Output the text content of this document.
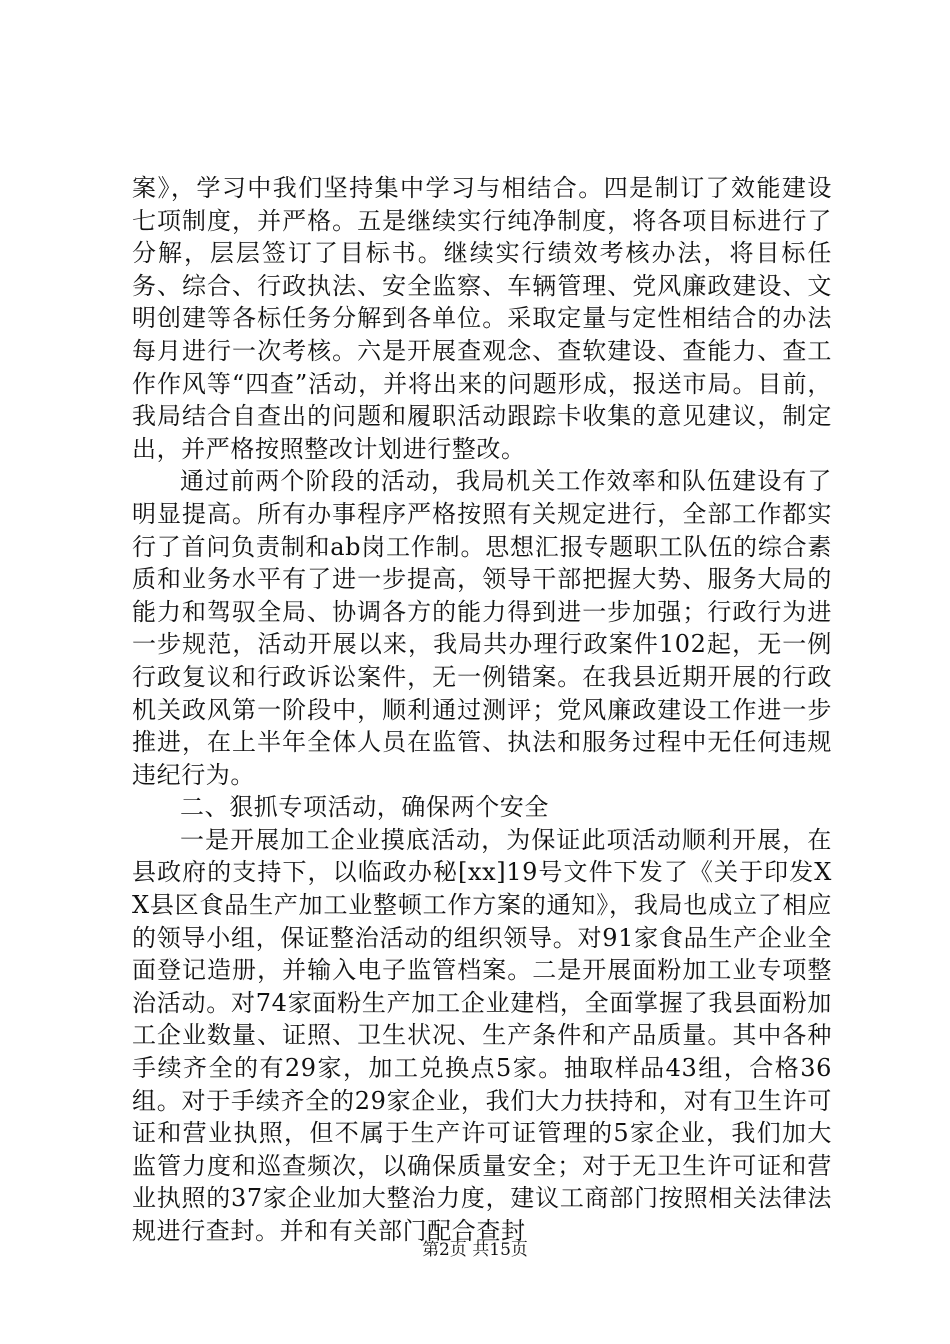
案》，学习中我们坚持集中学习与相结合。四是制订了效能建设七项制度，并严格。五是继续实行纯净制度，将各项目标进行了分解，层层签订了目标书。继续实行绩效考核办法，将目标任务、综合、行政执法、安全监察、车辆管理、党风廉政建设、文明创建等各标任务分解到各单位。采取定量与定性相结合的办法每月进行一次考核。六是开展查观念、查软建设、查能力、查工作作风等“四查”活动，并将出来的问题形成，报送市局。目前，我局结合自查出的问题和履职活动跟踪卡收集的意见建议，制定出，并严格按照整改计划进行整改。

通过前两个阶段的活动，我局机关工作效率和队伍建设有了明显提高。所有办事程序严格按照有关规定进行，全部工作都实行了首问负责制和ab岗工作制。思想汇报专题职工队伍的综合素质和业务水平有了进一步提高，领导干部把握大势、服务大局的能力和驾驭全局、协调各方的能力得到进一步加强；行政行为进一步规范，活动开展以来，我局共办理行政案件102起，无一例行政复议和行政诉讼案件，无一例错案。在我县近期开展的行政机关政风第一阶段中，顺利通过测评；党风廉政建设工作进一步推进，在上半年全体人员在监管、执法和服务过程中无任何违规违纪行为。

二、狠抓专项活动，确保两个安全

一是开展加工企业摸底活动，为保证此项活动顺利开展，在县政府的支持下，以临政办秘[xx]19号文件下发了《关于印发XX县区食品生产加工业整顿工作方案的通知》，我局也成立了相应的领导小组，保证整治活动的组织领导。对91家食品生产企业全面登记造册，并输入电子监管档案。二是开展面粉加工业专项整治活动。对74家面粉生产加工企业建档，全面掌握了我县面粉加工企业数量、证照、卫生状况、生产条件和产品质量。其中各种手续齐全的有29家，加工兑换点5家。抽取样品43组，合格36组。对于手续齐全的29家企业，我们大力扶持和，对有卫生许可证和营业执照，但不属于生产许可证管理的5家企业，我们加大监管力度和巡查频次，以确保质量安全；对于无卫生许可证和营业执照的37家企业加大整治力度，建议工商部门按照相关法律法规进行查封。并和有关部门配合查封

第2页 共15页
